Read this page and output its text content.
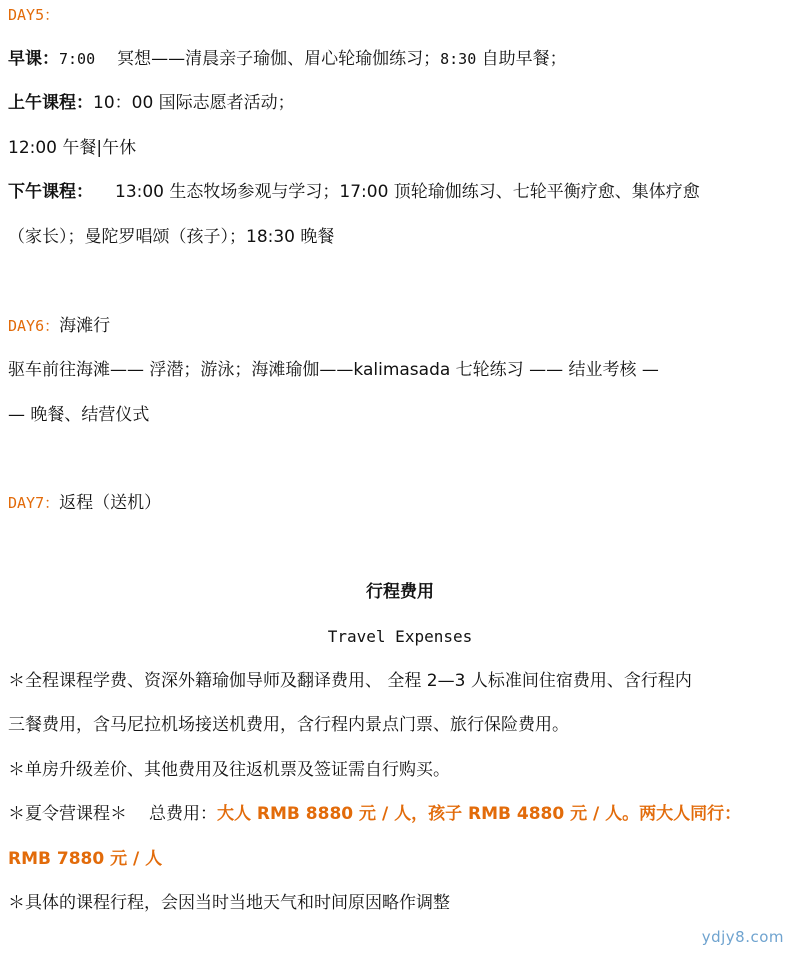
DAY5：
早课：7:00 冥想——清晨亲子瑜伽、眉心轮瑜伽练习；8:30 自助早餐；
上午课程：10：00 国际志愿者活动；
12:00 午餐|午休
下午课程： 13:00 生态牧场参观与学习；17:00 顶轮瑜伽练习、七轮平衡疗愈、集体疗愈
（家长）；曼陀罗唱颂（孩子）；18:30 晚餐
DAY6：海滩行
驱车前往海滩—— 浮潜；游泳；海滩瑜伽——kalimasada 七轮练习 —— 结业考核 —
— 晚餐、结营仪式
DAY7：返程（送机）
行程费用
Travel Expenses
＊全程课程学费、资深外籍瑜伽导师及翻译费用、 全程 2—3 人标准间住宿费用、含行程内
三餐费用，含马尼拉机场接送机费用，含行程内景点门票、旅行保险费用。
＊单房升级差价、其他费用及往返机票及签证需自行购买。
＊夏令营课程＊ 总费用：大人 RMB 8880 元 / 人，孩子 RMB 4880 元 / 人。两大人同行：
RMB 7880 元 / 人
＊具体的课程行程，会因当时当地天气和时间原因略作调整
ydjy8.com
